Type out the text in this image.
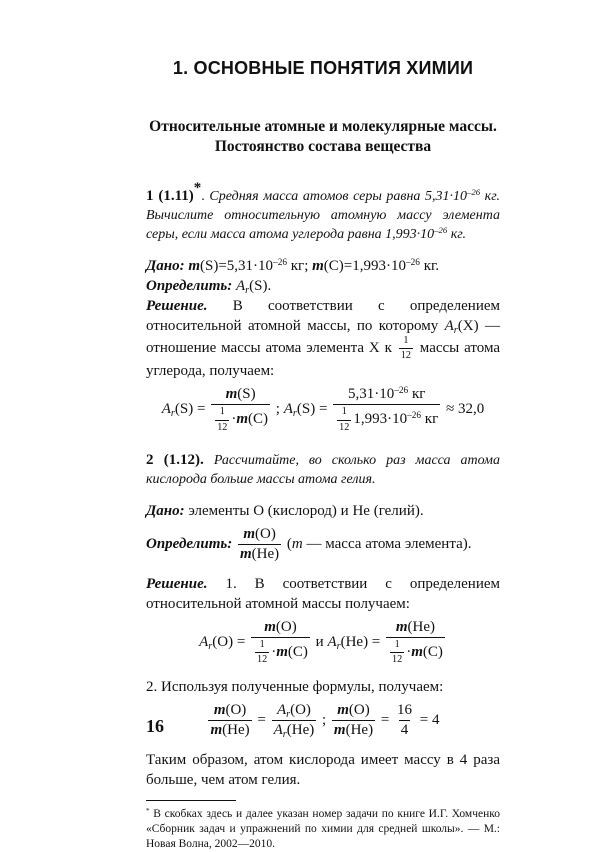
1. ОСНОВНЫЕ ПОНЯТИЯ ХИМИИ
Относительные атомные и молекулярные массы.
Постоянство состава вещества

1 (1.11)*. Средняя масса атомов серы равна $5,31\cdot 10^{-26}$ кг. Вычислите относительную атомную массу элемента серы, если масса атома углерода равна $1,993\cdot 10^{-26}$ кг.

Дано: $m(S)=5,31\cdot 10^{-26}$ кг; $m(C)=1,993\cdot 10^{-26}$ кг.

Определить: $A_r(S)$.

Решение. В соответствии с определением относительной атомной массы, по которому $A_r(X)$ — отношение массы атома элемента X к $\frac{1}{12}$ массы атома углерода, получаем:

$A_r(S) = \frac{m(S)}{\frac{1}{12} \cdot m(C)}$ ; $A_r(S) = \frac{5,31\cdot 10^{-26} кг}{\frac{1}{12} 1,993\cdot 10^{-26} кг} \approx 32,0$

2 (1.12). Рассчитайте, во сколько раз масса атома кислорода больше массы атома гелия.

Дано: элементы O (кислород) и He (гелий).

Определить: $\frac{m(O)}{m(He)} (m$ — масса атома элемента).

Решение. 1. В соответствии с определением относительной атомной массы получаем:

$A_r(O) = \frac{m(O)}{\frac{1}{12} \cdot m(C)}$ и $A_r(He) = \frac{m(He)}{\frac{1}{12} \cdot m(C)}$

2. Используя полученные формулы, получаем:

$\frac{m(O)}{m(He)} = \frac{A_r(O)}{A_r(He)}$ ; $\frac{m(O)}{m(He)} = \frac{16}{4} = 4$

Таким образом, атом кислорода имеет массу в 4 раза больше, чем атом гелия.

* В скобках здесь и далее указан номер задачи по книге И.Г. Хомченко «Сборник задач и упражнений по химии для средней школы». — М.: Новая Волна, 2002—2010.

16
